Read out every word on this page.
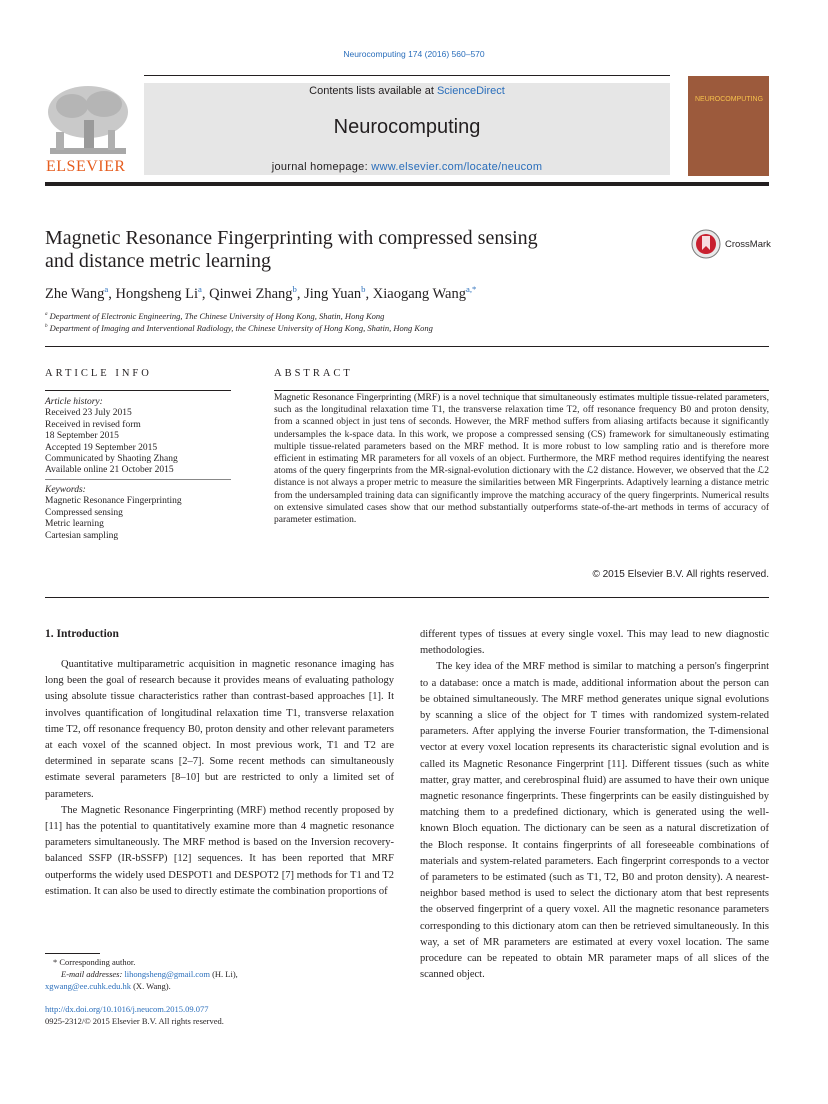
Neurocomputing 174 (2016) 560–570
Contents lists available at ScienceDirect
Neurocomputing
journal homepage: www.elsevier.com/locate/neucom
ELSEVIER
NEUROCOMPUTING
Magnetic Resonance Fingerprinting with compressed sensing
and distance metric learning
CrossMark
Zhe Wang$^a$, Hongsheng Li$^a$, Qinwei Zhang$^b$, Jing Yuan$^b$, Xiaogang Wang$^{a,*}$
$^a$ Department of Electronic Engineering, The Chinese University of Hong Kong, Shatin, Hong Kong
$^b$ Department of Imaging and Interventional Radiology, the Chinese University of Hong Kong, Shatin, Hong Kong
ARTICLE INFO
Article history:
Received 23 July 2015
Received in revised form
18 September 2015
Accepted 19 September 2015
Communicated by Shaoting Zhang
Available online 21 October 2015
Keywords:
Magnetic Resonance Fingerprinting
Compressed sensing
Metric learning
Cartesian sampling
ABSTRACT
Magnetic Resonance Fingerprinting (MRF) is a novel technique that simultaneously estimates multiple tissue-related parameters, such as the longitudinal relaxation time T1, the transverse relaxation time T2, off resonance frequency B0 and proton density, from a scanned object in just tens of seconds. However, the MRF method suffers from aliasing artifacts because it significantly undersamples the k-space data. In this work, we propose a compressed sensing (CS) framework for simultaneously estimating multiple tissue-related parameters based on the MRF method. It is more robust to low sampling ratio and is therefore more efficient in estimating MR parameters for all voxels of an object. Furthermore, the MRF method requires identifying the nearest atoms of the query fingerprints from the MR-signal-evolution dictionary with the ℒ2 distance. However, we observed that the ℒ2 distance is not always a proper metric to measure the similarities between MR Fingerprints. Adaptively learning a distance metric from the undersampled training data can significantly improve the matching accuracy of the query fingerprints. Numerical results on extensive simulated cases show that our method substantially outperforms state-of-the-art methods in terms of accuracy of parameter estimation.
© 2015 Elsevier B.V. All rights reserved.
1. Introduction

Quantitative multiparametric acquisition in magnetic resonance imaging has long been the goal of research because it provides means of evaluating pathology using absolute tissue characteristics rather than contrast-based approaches [1]. It involves quantification of longitudinal relaxation time T1, transverse relaxation time T2, off resonance frequency B0, proton density and other relevant parameters at each voxel of the scanned object. In most previous work, T1 and T2 are determined in separate scans [2–7]. Some recent methods can simultaneously estimate several parameters [8–10] but are restricted to only a limited set of parameters.

The Magnetic Resonance Fingerprinting (MRF) method recently proposed by [11] has the potential to quantitatively examine more than 4 magnetic resonance parameters simultaneously. The MRF method is based on the Inversion recovery-balanced SSFP (IR-bSSFP) [12] sequences. It has been reported that MRF outperforms the widely used DESPOT1 and DESPOT2 [7] methods for T1 and T2 estimation. It can also be used to directly estimate the combination proportions of

different types of tissues at every single voxel. This may lead to new diagnostic methodologies.

The key idea of the MRF method is similar to matching a person's fingerprint to a database: once a match is made, additional information about the person can be obtained simultaneously. The MRF method generates unique signal evolutions by scanning a slice of the object for T times with randomized system-related parameters. After applying the inverse Fourier transformation, the T-dimensional vector at every voxel location represents its characteristic signal evolution and is called its Magnetic Resonance Fingerprint [11]. Different tissues (such as white matter, gray matter, and cerebrospinal fluid) are assumed to have their own unique magnetic resonance fingerprints. These fingerprints can be easily distinguished by matching them to a predefined dictionary, which is generated using the well-known Bloch equation. The dictionary can be seen as a natural discretization of the Bloch response. It contains fingerprints of all foreseeable combinations of materials and system-related parameters. Each fingerprint corresponds to a vector of parameters to be estimated (such as T1, T2, B0 and proton density). A nearest-neighbor based method is used to select the dictionary atom that best represents the observed fingerprint of a query voxel. All the magnetic resonance parameters corresponding to this dictionary atom can then be retrieved simultaneously. In this way, a set of MR parameters are estimated at every voxel location. The same procedure can be repeated to obtain MR parameter maps of all slices of the scanned object.

* Corresponding author.
E-mail addresses: lihongsheng@gmail.com (H. Li),
xgwang@ee.cuhk.edu.hk (X. Wang).
http://dx.doi.org/10.1016/j.neucom.2015.09.077
0925-2312/© 2015 Elsevier B.V. All rights reserved.
